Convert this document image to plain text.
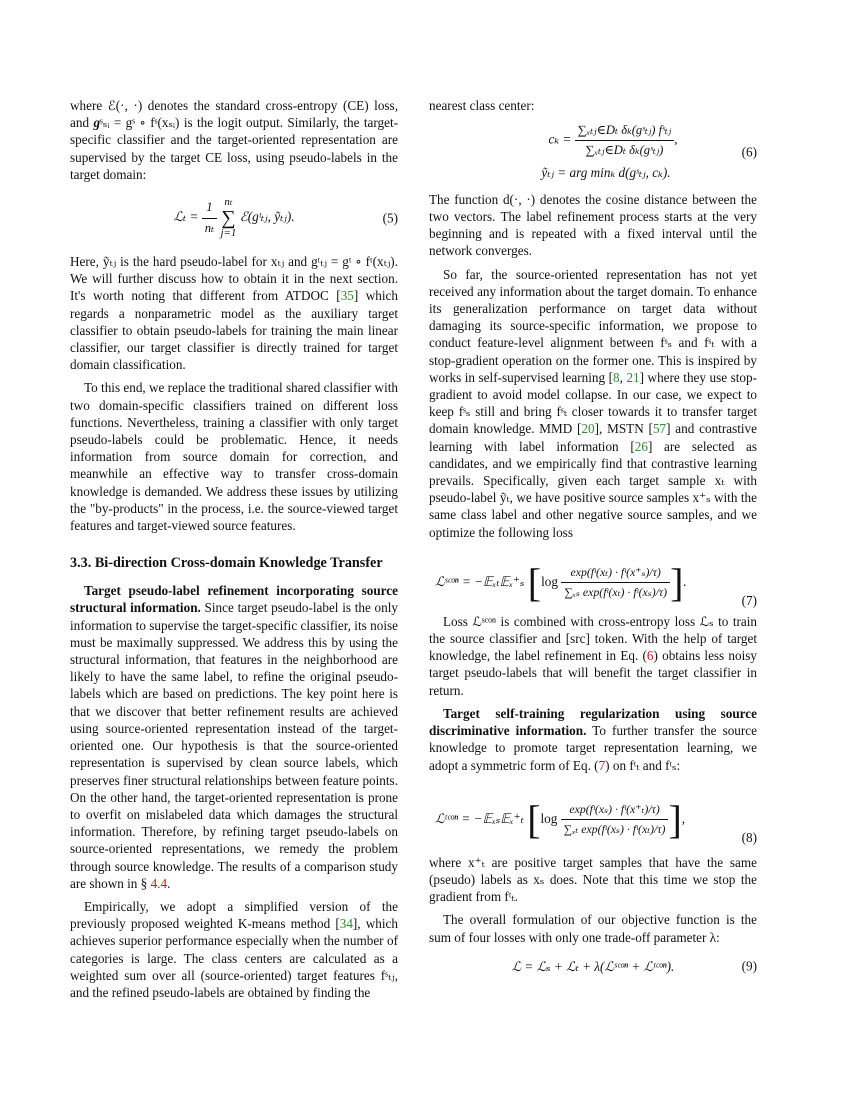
where ℰ(·, ·) denotes the standard cross-entropy (CE) loss, and gˢₛᵢ = gˢ ∘ fˢ(xₛᵢ) is the logit output. Similarly, the target-specific classifier and the target-oriented representation are supervised by the target CE loss, using pseudo-labels in the target domain:

ℒₜ = $\frac{1}{\text{nₜ}}$ nₜ
∑
j=1 ℰ(gᵗₜⱼ, ỹₜⱼ).	(5)

Here, ỹₜⱼ is the hard pseudo-label for xₜⱼ and gᵗₜⱼ = gᵗ ∘ fᵗ(xₜⱼ). We will further discuss how to obtain it in the next section. It's worth noting that different from ATDOC [35] which regards a nonparametric model as the auxiliary target classifier to obtain pseudo-labels for training the main linear classifier, our target classifier is directly trained for target domain classification.

To this end, we replace the traditional shared classifier with two domain-specific classifiers trained on different loss functions. Nevertheless, training a classifier with only target pseudo-labels could be problematic. Hence, it needs information from source domain for correction, and meanwhile an effective way to transfer cross-domain knowledge is demanded. We address these issues by utilizing the "by-products" in the process, i.e. the source-viewed target features and target-viewed source features.

3.3. Bi-direction Cross-domain Knowledge Transfer

Target pseudo-label refinement incorporating source structural information. Since target pseudo-label is the only information to supervise the target-specific classifier, its noise must be maximally suppressed. We address this by using the structural information, that features in the neighborhood are likely to have the same label, to refine the original pseudo-labels which are based on predictions. The key point here is that we discover that better refinement results are achieved using source-oriented representation instead of the target-oriented one. Our hypothesis is that the source-oriented representation is supervised by clean source labels, which preserves finer structural relationships between feature points. On the other hand, the target-oriented representation is prone to overfit on mislabeled data which damages the structural information. Therefore, by refining target pseudo-labels on source-oriented representations, we remedy the problem through source knowledge. The results of a comparison study are shown in § 4.4.

Empirically, we adopt a simplified version of the previously proposed weighted K-means method [34], which achieves superior performance especially when the number of categories is large. The class centers are calculated as a weighted sum over all (source-oriented) target features fˢₜⱼ, and the refined pseudo-labels are obtained by finding the

nearest class center:

$c_k = \frac{\text{∑ₓₜⱼ∈Dₜ δₖ(gˢₜⱼ) fˢₜⱼ}}{\text{∑ₓₜⱼ∈Dₜ δₖ(gˢₜⱼ)}}$ ,
ỹₜⱼ = arg minₖ d(gˢₜⱼ, cₖ).
(6)

The function d(·, ·) denotes the cosine distance between the two vectors. The label refinement process starts at the very beginning and is repeated with a fixed interval until the network converges.

So far, the source-oriented representation has not yet received any information about the target domain. To enhance its generalization performance on target data without damaging its source-specific information, we propose to conduct feature-level alignment between fˢₛ and fˢₜ with a stop-gradient operation on the former one. This is inspired by works in self-supervised learning [8, 21] where they use stop-gradient to avoid model collapse. In our case, we expect to keep fˢₛ still and bring fˢₜ closer towards it to transfer target domain knowledge. MMD [20], MSTN [57] and contrastive learning with label information [26] are selected as candidates, and we empirically find that contrastive learning prevails. Specifically, given each target sample xₜ with pseudo-label ỹₜ, we have positive source samples x⁺ₛ with the same class label and other negative source samples, and we optimize the following loss

ℒˢᶜᵒⁿ = −𝔼ₓₜ𝔼ₓ⁺ₛ [$\log \frac{\text{exp(fᵗ(xₜ) · fᵗ(x⁺ₛ)/τ)}}{\text{∑ₓₛ exp(fᵗ(xₜ) · fᵗ(xₛ)/τ)}}$ ].
(7)

Loss ℒˢᶜᵒⁿ is combined with cross-entropy loss ℒₛ to train the source classifier and [src] token. With the help of target knowledge, the label refinement in Eq. (6) obtains less noisy target pseudo-labels that will benefit the target classifier in return.

Target self-training regularization using source discriminative information. To further transfer the source knowledge to promote target representation learning, we adopt a symmetric form of Eq. (7) on fᵗₜ and fᵗₛ:

ℒᵗᶜᵒⁿ = −𝔼ₓₛ𝔼ₓ⁺ₜ [$\log \frac{\text{exp(fᵗ(xₛ) · fᵗ(x⁺ₜ)/τ)}}{\text{∑ₓₜ exp(fᵗ(xₛ) · fᵗ(xₜ)/τ)}}$ ],
(8)

where x⁺ₜ are positive target samples that have the same (pseudo) labels as xₛ does. Note that this time we stop the gradient from fᵗₜ.

The overall formulation of our objective function is the sum of four losses with only one trade-off parameter λ:

ℒ = ℒₛ + ℒₜ + λ(ℒˢᶜᵒⁿ + ℒᵗᶜᵒⁿ).	(9)
